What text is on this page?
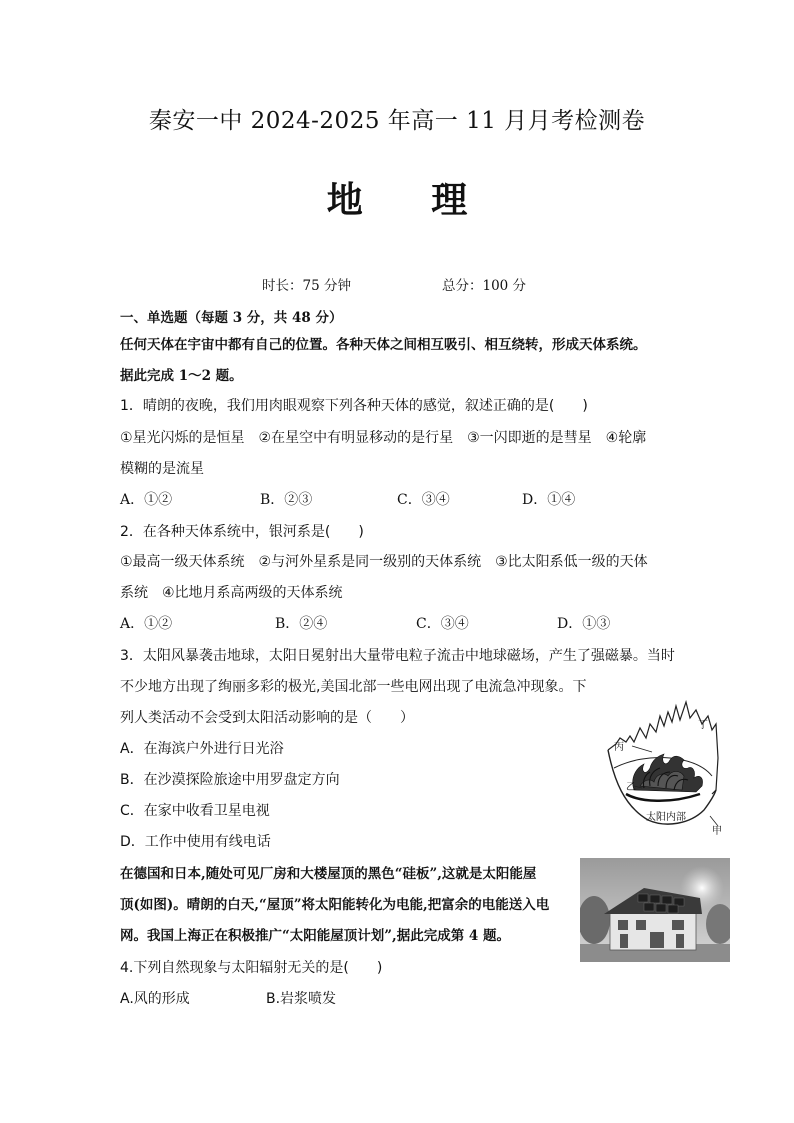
秦安一中 2024-2025 年高一 11 月月考检测卷
地 理
时长：75 分钟	总分：100 分
一、单选题（每题 3 分，共 48 分）
任何天体在宇宙中都有自己的位置。各种天体之间相互吸引、相互绕转，形成天体系统。
据此完成 1～2 题。
1．晴朗的夜晚，我们用肉眼观察下列各种天体的感觉，叙述正确的是(　　)
①星光闪烁的是恒星　②在星空中有明显移动的是行星　③一闪即逝的是彗星　④轮廓
模糊的是流星
A．①②	B．②③	C．③④	D．①④
2．在各种天体系统中，银河系是(　　)
①最高一级天体系统　②与河外星系是同一级别的天体系统　③比太阳系低一级的天体
系统　④比地月系高两级的天体系统
A．①②	B．②④	C．③④	D．①③
3．太阳风暴袭击地球，太阳日冕射出大量带电粒子流击中地球磁场，产生了强磁暴。当时
不少地方出现了绚丽多彩的极光,美国北部一些电网出现了电流急冲现象。下
列人类活动不会受到太阳活动影响的是（　　）
A．在海滨户外进行日光浴
B．在沙漠探险旅途中用罗盘定方向
C．在家中收看卫星电视
D．工作中使用有线电话
丁
丙
乙
太阳内部
甲
在德国和日本,随处可见厂房和大楼屋顶的黑色“硅板”,这就是太阳能屋
顶(如图)。晴朗的白天,“屋顶”将太阳能转化为电能,把富余的电能送入电
网。我国上海正在积极推广“太阳能屋顶计划”,据此完成第 4 题。
4.下列自然现象与太阳辐射无关的是(　　)
A.风的形成	B.岩浆喷发
